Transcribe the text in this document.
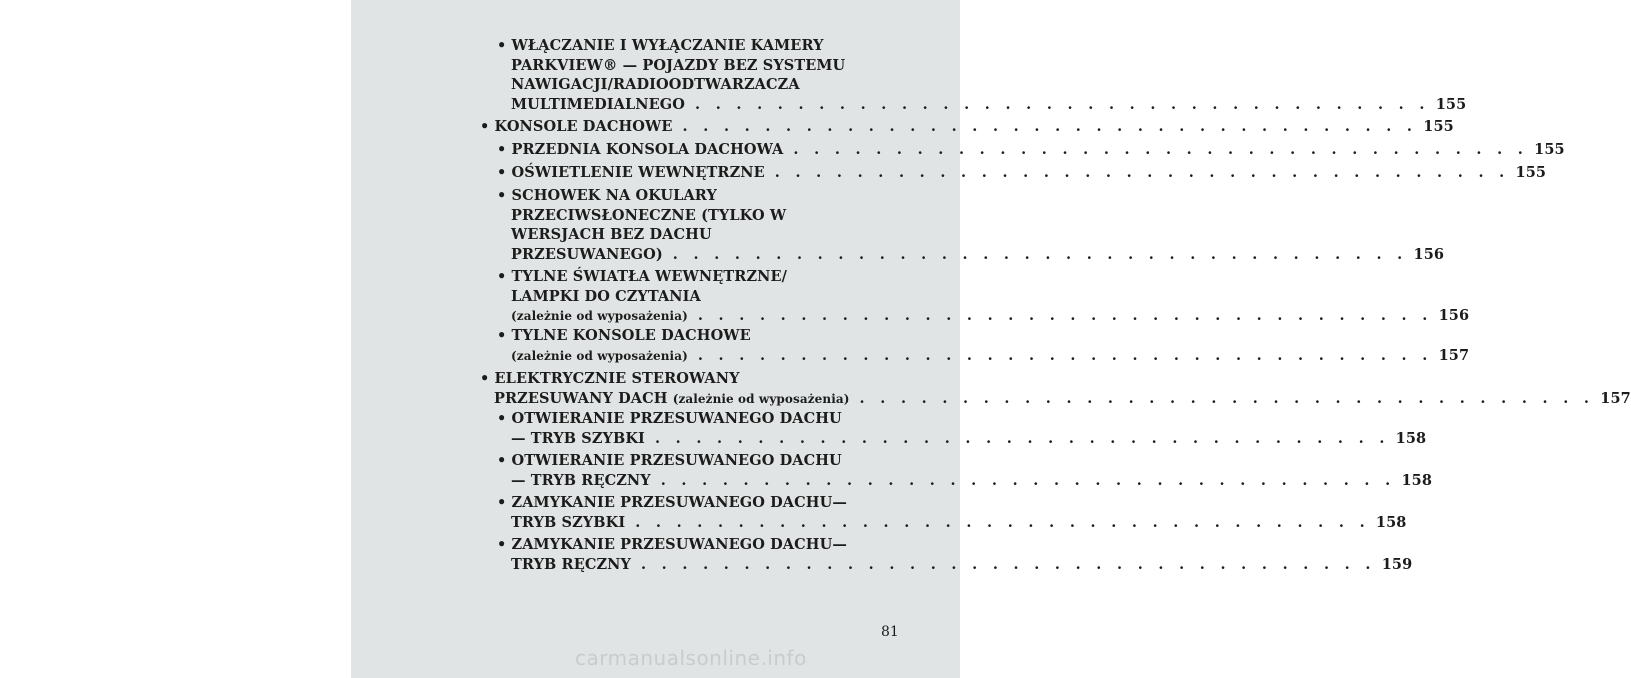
• WŁĄCZANIE I WYŁĄCZANIE KAMERY
PARKVIEW® — POJAZDY BEZ SYSTEMU
NAWIGACJI/RADIOODTWARZACZA
MULTIMEDIALNEGO . . . . . . . . . . . . . . . . . . . . . . . . . . . . . . . . . . . . 155
• KONSOLE DACHOWE . . . . . . . . . . . . . . . . . . . . . . . . . . . . . . . . . . . . 155
• PRZEDNIA KONSOLA DACHOWA . . . . . . . . . . . . . . . . . . . . . . . . . . . . . . . . . . . . 155
• OŚWIETLENIE WEWNĘTRZNE . . . . . . . . . . . . . . . . . . . . . . . . . . . . . . . . . . . . 155
• SCHOWEK NA OKULARY
PRZECIWSŁONECZNE (TYLKO W
WERSJACH BEZ DACHU
PRZESUWANEGO) . . . . . . . . . . . . . . . . . . . . . . . . . . . . . . . . . . . . 156
• TYLNE ŚWIATŁA WEWNĘTRZNE/
LAMPKI DO CZYTANIA
(zależnie od wyposażenia) . . . . . . . . . . . . . . . . . . . . . . . . . . . . . . . . . . . . 156
• TYLNE KONSOLE DACHOWE
(zależnie od wyposażenia) . . . . . . . . . . . . . . . . . . . . . . . . . . . . . . . . . . . . 157
• ELEKTRYCZNIE STEROWANY
PRZESUWANY DACH (zależnie od wyposażenia) . . . . . . . . . . . . . . . . . . . . . . . . . . . . . . . . . . . . 157
• OTWIERANIE PRZESUWANEGO DACHU
— TRYB SZYBKI . . . . . . . . . . . . . . . . . . . . . . . . . . . . . . . . . . . . 158
• OTWIERANIE PRZESUWANEGO DACHU
— TRYB RĘCZNY . . . . . . . . . . . . . . . . . . . . . . . . . . . . . . . . . . . . 158
• ZAMYKANIE PRZESUWANEGO DACHU—
TRYB SZYBKI . . . . . . . . . . . . . . . . . . . . . . . . . . . . . . . . . . . . 158
• ZAMYKANIE PRZESUWANEGO DACHU—
TRYB RĘCZNY . . . . . . . . . . . . . . . . . . . . . . . . . . . . . . . . . . . . 159
81
carmanualsonline.info
